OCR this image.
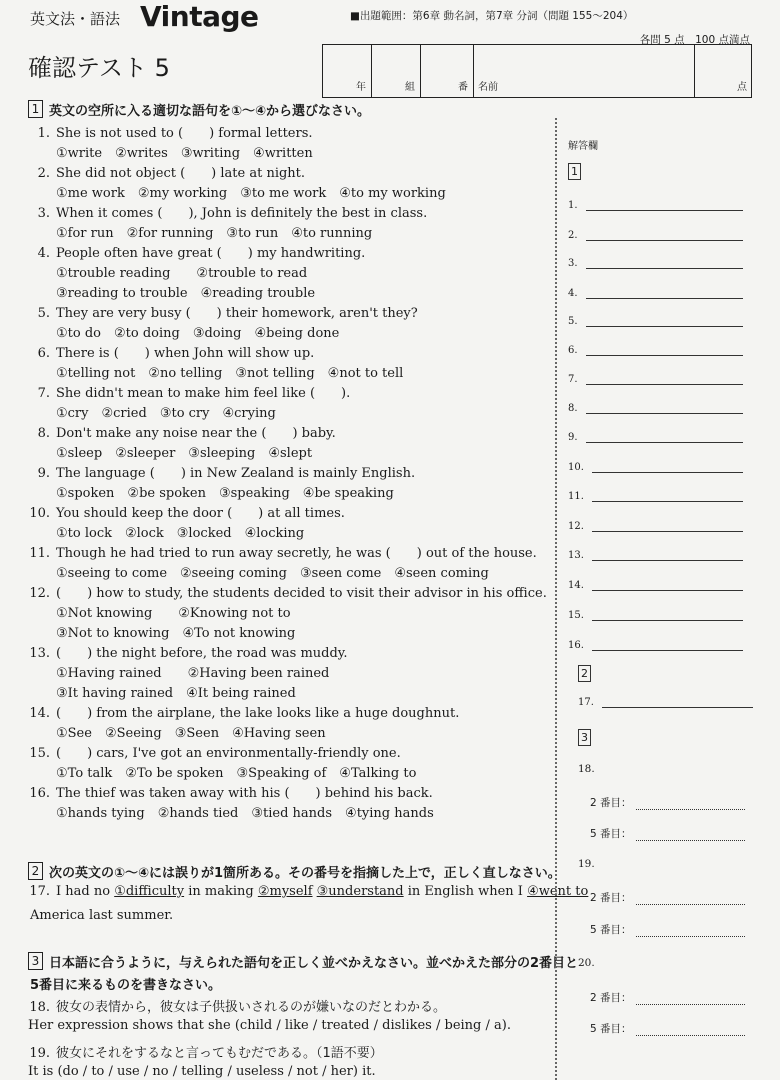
英文法・語法 Vintage	■出題範囲：第6章 動名詞，第7章 分詞（問題 155〜204）
各問 5 点　100 点満点
確認テスト 5
年	組	番 名前	点
1 英文の空所に入る適切な語句を①〜④から選びなさい。
1. She is not used to (　　) formal letters.
①write　②writes　③writing　④written
2. She did not object (　　) late at night.
①me work　②my working　③to me work　④to my working
3. When it comes (　　), John is definitely the best in class.
①for run　②for running　③to run　④to running
4. People often have great (　　) my handwriting.
①trouble reading　　②trouble to read
③reading to trouble　④reading trouble
5. They are very busy (　　) their homework, aren't they?
①to do　②to doing　③doing　④being done
6. There is (　　) when John will show up.
①telling not　②no telling　③not telling　④not to tell
7. She didn't mean to make him feel like (　　).
①cry　②cried　③to cry　④crying
8. Don't make any noise near the (　　) baby.
①sleep　②sleeper　③sleeping　④slept
9. The language (　　) in New Zealand is mainly English.
①spoken　②be spoken　③speaking　④be speaking
10. You should keep the door (　　) at all times.
①to lock　②lock　③locked　④locking
11. Though he had tried to run away secretly, he was (　　) out of the house.
①seeing to come　②seeing coming　③seen come　④seen coming
12. (　　) how to study, the students decided to visit their advisor in his office.
①Not knowing　　②Knowing not to
③Not to knowing　④To not knowing
13. (　　) the night before, the road was muddy.
①Having rained　　②Having been rained
③It having rained　④It being rained
14. (　　) from the airplane, the lake looks like a huge doughnut.
①See　②Seeing　③Seen　④Having seen
15. (　　) cars, I've got an environmentally-friendly one.
①To talk　②To be spoken　③Speaking of　④Talking to
16. The thief was taken away with his (　　) behind his back.
①hands tying　②hands tied　③tied hands　④tying hands
2 次の英文の①〜④には誤りが1箇所ある。その番号を指摘した上で，正しく直しなさい。
17. I had no ①difficulty in making ②myself ③understand in English when I ④went to
America last summer.
3 日本語に合うように，与えられた語句を正しく並べかえなさい。並べかえた部分の2番目と
5番目に来るものを書きなさい。
18. 彼女の表情から，彼女は子供扱いされるのが嫌いなのだとわかる。
Her expression shows that she (child / like / treated / dislikes / being / a).
19. 彼女にそれをするなと言ってもむだである。（1語不要）
It is (do / to / use / no / telling / useless / not / her) it.
解答欄
1
1.
2.
3.
4.
5.
6.
7.
8.
9.
10.
11.
12.
13.
14.
15.
16.
2
17.
3
18.
2 番目：
5 番目：
19.
2 番目：
5 番目：
20.
2 番目：
5 番目：
